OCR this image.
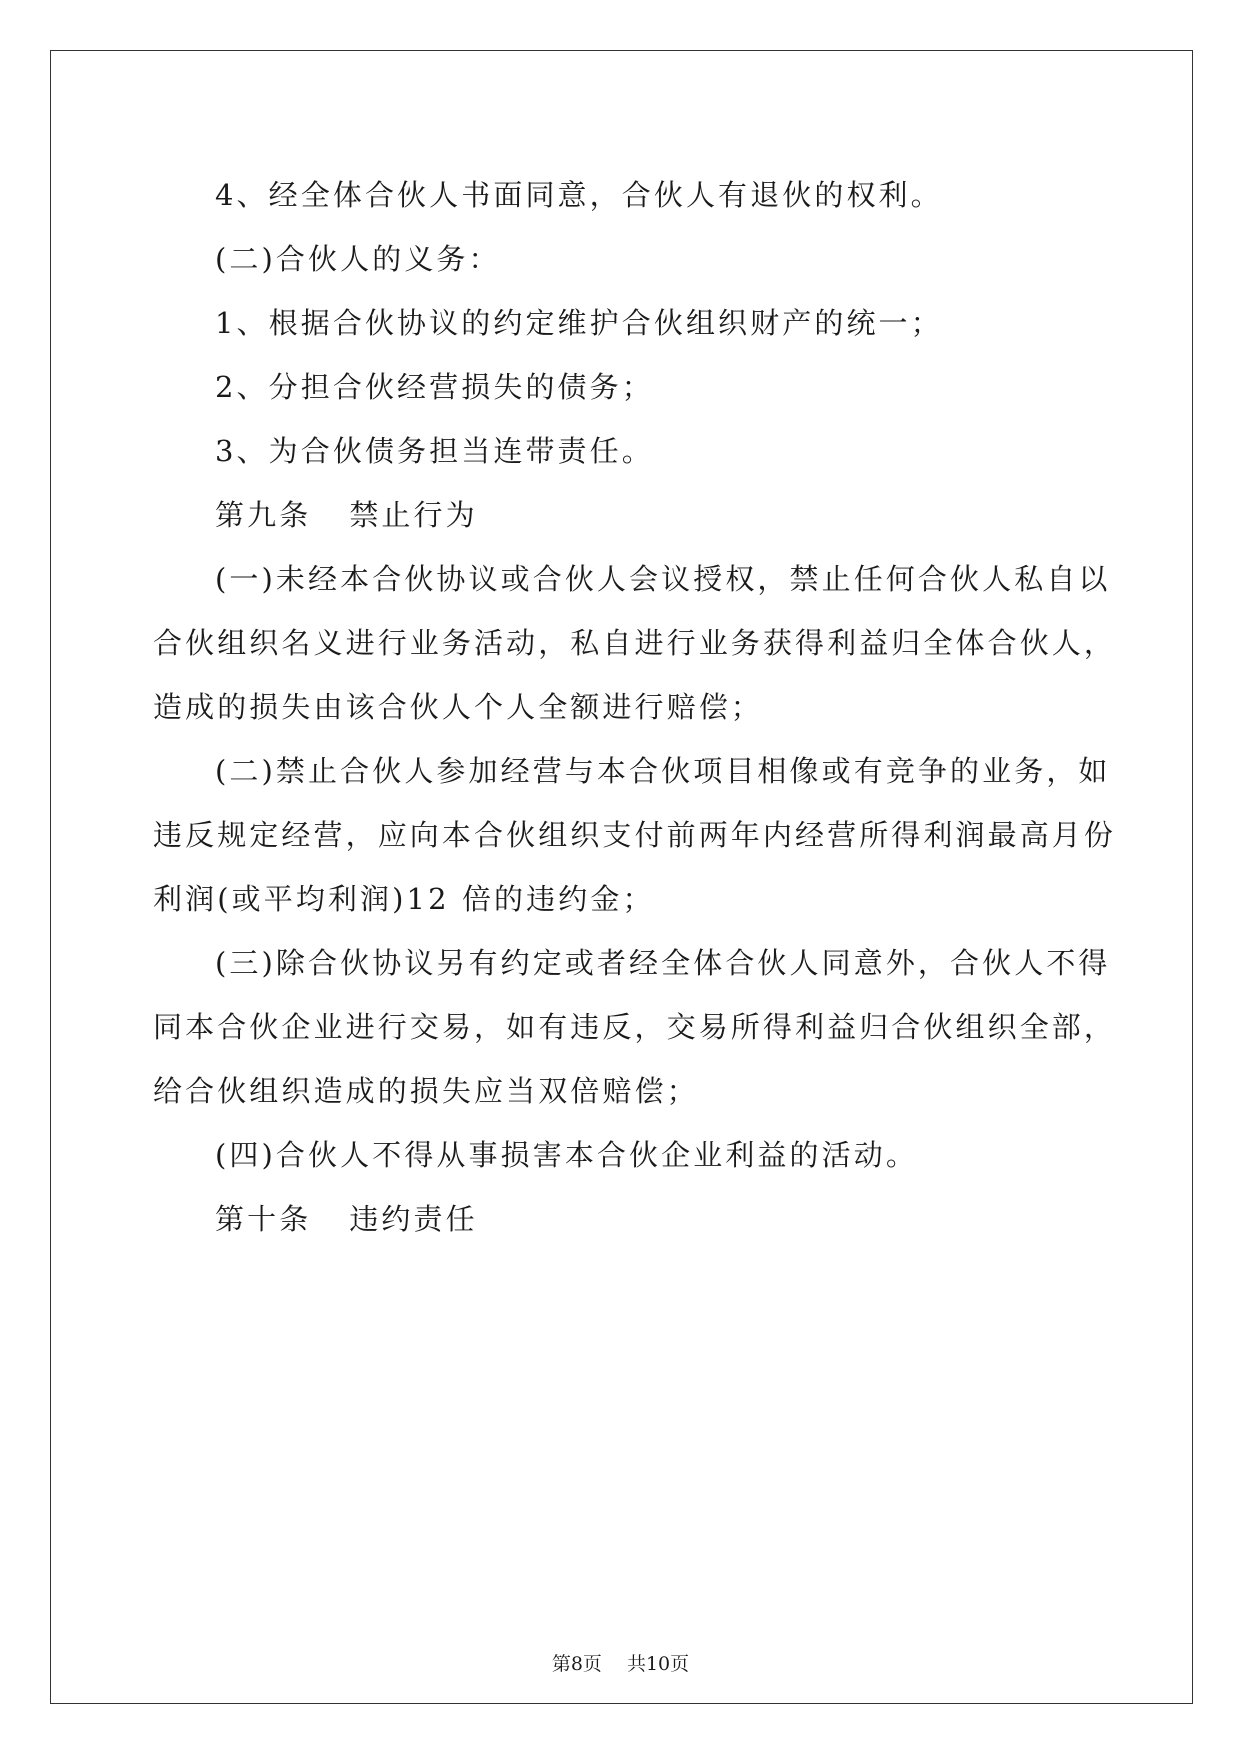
4、经全体合伙人书面同意，合伙人有退伙的权利。
(二)合伙人的义务：
1、根据合伙协议的约定维护合伙组织财产的统一；
2、分担合伙经营损失的债务；
3、为合伙债务担当连带责任。
第九条 禁止行为
(一)未经本合伙协议或合伙人会议授权，禁止任何合伙人私自以
合伙组织名义进行业务活动，私自进行业务获得利益归全体合伙人，
造成的损失由该合伙人个人全额进行赔偿；
(二)禁止合伙人参加经营与本合伙项目相像或有竞争的业务，如
违反规定经营，应向本合伙组织支付前两年内经营所得利润最高月份
利润(或平均利润)12 倍的违约金；
(三)除合伙协议另有约定或者经全体合伙人同意外，合伙人不得
同本合伙企业进行交易，如有违反，交易所得利益归合伙组织全部，
给合伙组织造成的损失应当双倍赔偿；
(四)合伙人不得从事损害本合伙企业利益的活动。
第十条 违约责任
第8页　 共10页
